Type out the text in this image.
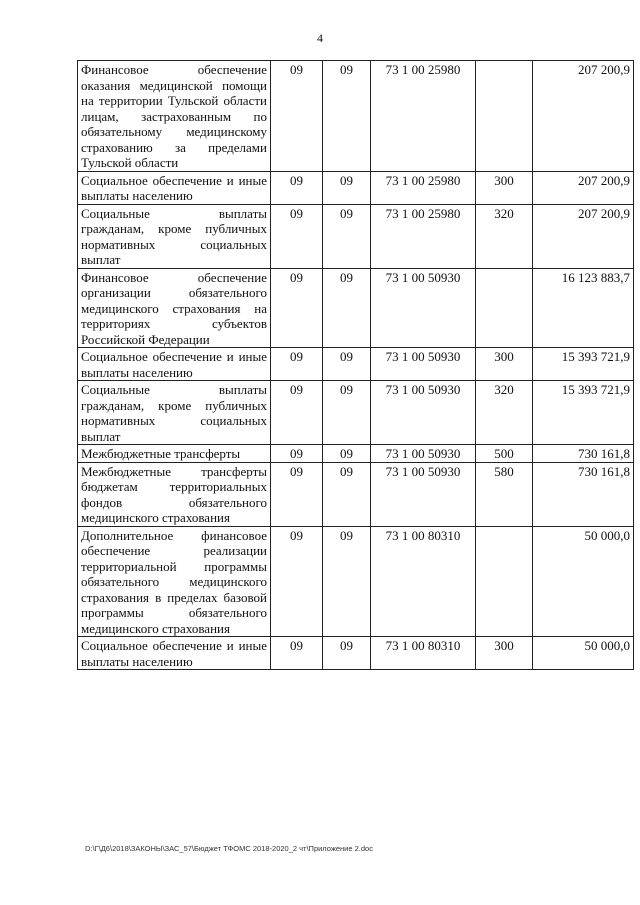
4
Финансовое обеспечение оказания медицинской помощи на территории Тульской области лицам, застрахованным по обязательному медицинскому страхованию за пределами Тульской области	09	09	73 1 00 25980		207 200,9
Социальное обеспечение и иные выплаты населению	09	09	73 1 00 25980	300	207 200,9
Социальные выплаты гражданам, кроме публичных нормативных социальных выплат	09	09	73 1 00 25980	320	207 200,9
Финансовое обеспечение организации обязательного медицинского страхования на территориях субъектов Российской Федерации	09	09	73 1 00 50930		16 123 883,7
Социальное обеспечение и иные выплаты населению	09	09	73 1 00 50930	300	15 393 721,9
Социальные выплаты гражданам, кроме публичных нормативных социальных выплат	09	09	73 1 00 50930	320	15 393 721,9
Межбюджетные трансферты	09	09	73 1 00 50930	500	730 161,8
Межбюджетные трансферты бюджетам территориальных фондов обязательного медицинского страхования	09	09	73 1 00 50930	580	730 161,8
Дополнительное финансовое обеспечение реализации территориальной программы обязательного медицинского страхования в пределах базовой программы обязательного медицинского страхования	09	09	73 1 00 80310		50 000,0
Социальное обеспечение и иные выплаты населению	09	09	73 1 00 80310	300	50 000,0
D:\Г\Д6\2018\ЗАКОНЫ\ЗАС_57\Бюджет ТФОМС 2018-2020_2 чт\Приложение 2.doc
